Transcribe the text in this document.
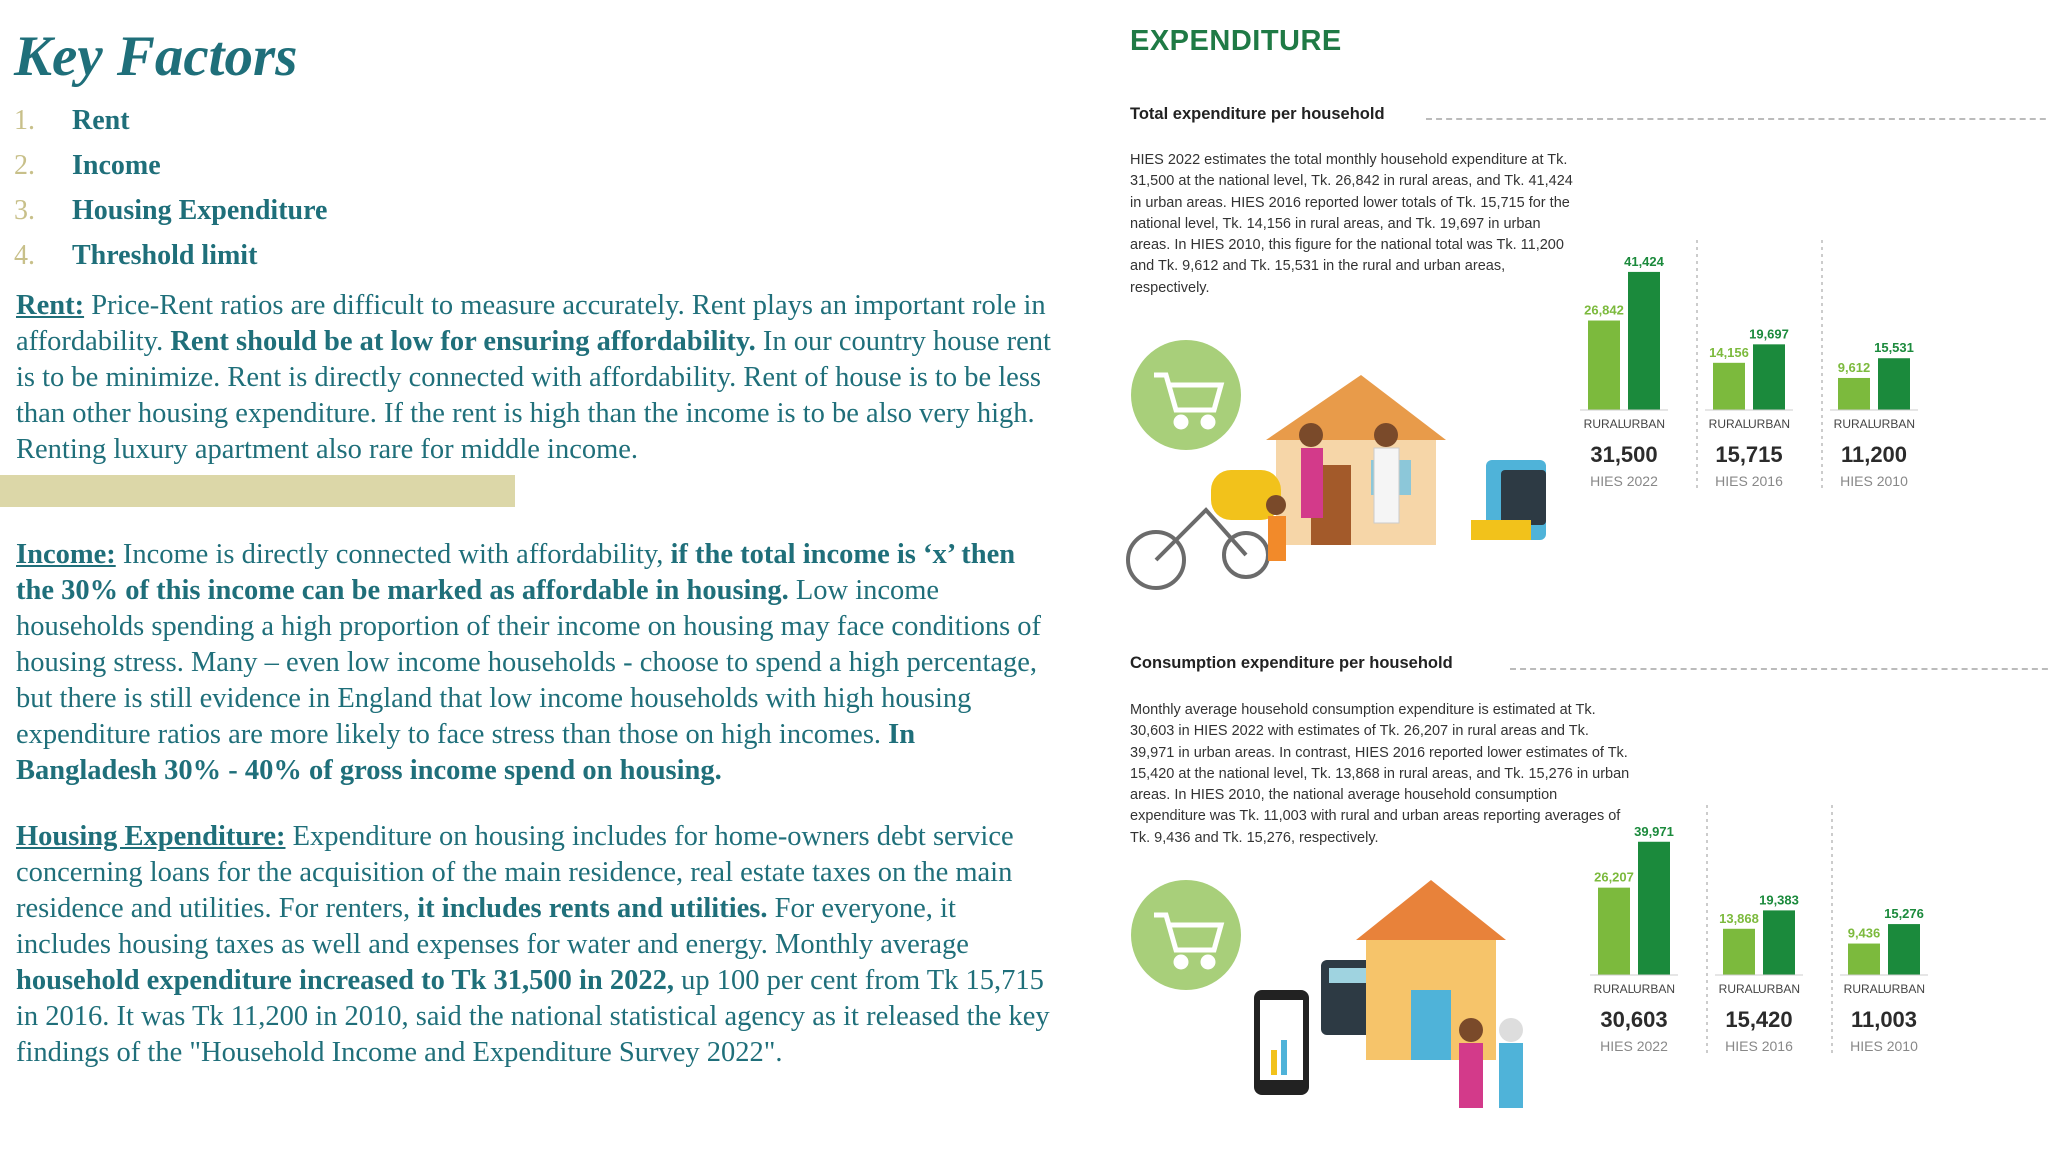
Key Factors
1.	Rent
2.	Income
3.	Housing Expenditure
4.	Threshold limit

Rent: Price-Rent ratios are difficult to measure accurately. Rent plays an important role in affordability. Rent should be at low for ensuring affordability. In our country house rent is to be minimize. Rent is directly connected with affordability. Rent of house is to be less than other housing expenditure. If the rent is high than the income is to be also very high. Renting luxury apartment also rare for middle income.

Income: Income is directly connected with affordability, if the total income is ‘x’ then the 30% of this income can be marked as affordable in housing. Low income households spending a high proportion of their income on housing may face conditions of housing stress. Many – even low income households - choose to spend a high percentage, but there is still evidence in England that low income households with high housing expenditure ratios are more likely to face stress than those on high incomes. In Bangladesh 30% - 40% of gross income spend on housing.

Housing Expenditure: Expenditure on housing includes for home-owners debt service concerning loans for the acquisition of the main residence, real estate taxes on the main residence and utilities. For renters, it includes rents and utilities. For everyone, it includes housing taxes as well and expenses for water and energy. Monthly average household expenditure increased to Tk 31,500 in 2022, up 100 per cent from Tk 15,715 in 2016. It was Tk 11,200 in 2010, said the national statistical agency as it released the key findings of the "Household Income and Expenditure Survey 2022".

EXPENDITURE
Total expenditure per household

HIES 2022 estimates the total monthly household expenditure at Tk. 31,500 at the national level, Tk. 26,842 in rural areas, and Tk. 41,424 in urban areas. HIES 2016 reported lower totals of Tk. 15,715 for the national level, Tk. 14,156 in rural areas, and Tk. 19,697 in urban areas. In HIES 2010, this figure for the national total was Tk. 11,200 and Tk. 9,612 and Tk. 15,531 in the rural and urban areas, respectively.

26,842
RURAL
41,424
URBAN
31,500
HIES 2022
14,156
RURAL
19,697
URBAN
15,715
HIES 2016
9,612
RURAL
15,531
URBAN
11,200
HIES 2010
Consumption expenditure per household

Monthly average household consumption expenditure is estimated at Tk. 30,603 in HIES 2022 with estimates of Tk. 26,207 in rural areas and Tk. 39,971 in urban areas. In contrast, HIES 2016 reported lower estimates of Tk. 15,420 at the national level, Tk. 13,868 in rural areas, and Tk. 15,276 in urban areas. In HIES 2010, the national average household consumption expenditure was Tk. 11,003 with rural and urban areas reporting averages of Tk. 9,436 and Tk. 15,276, respectively.

26,207
RURAL
39,971
URBAN
30,603
HIES 2022
13,868
RURAL
19,383
URBAN
15,420
HIES 2016
9,436
RURAL
15,276
URBAN
11,003
HIES 2010
